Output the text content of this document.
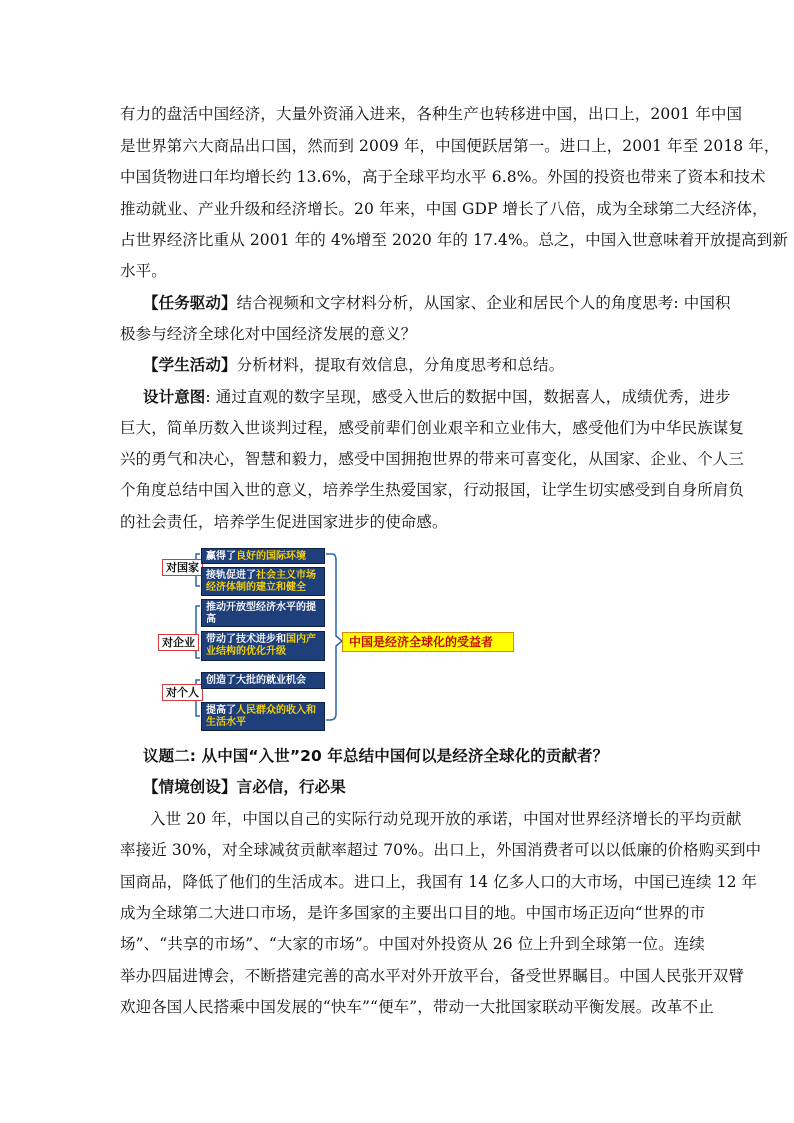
有力的盘活中国经济，大量外资涌入进来，各种生产也转移进中国，出口上，2001 年中国
是世界第六大商品出口国，然而到 2009 年，中国便跃居第一。进口上，2001 年至 2018 年，
中国货物进口年均增长约 13.6%，高于全球平均水平 6.8%。外国的投资也带来了资本和技术
推动就业、产业升级和经济增长。20 年来，中国 GDP 增长了八倍，成为全球第二大经济体，
占世界经济比重从 2001 年的 4%增至 2020 年的 17.4%。总之，中国入世意味着开放提高到新
水平。
【任务驱动】结合视频和文字材料分析，从国家、企业和居民个人的角度思考: 中国积
极参与经济全球化对中国经济发展的意义？
【学生活动】分析材料，提取有效信息，分角度思考和总结。
设计意图: 通过直观的数字呈现，感受入世后的数据中国，数据喜人，成绩优秀，进步
巨大，简单历数入世谈判过程，感受前辈们创业艰辛和立业伟大，感受他们为中华民族谋复
兴的勇气和决心，智慧和毅力，感受中国拥抱世界的带来可喜变化，从国家、企业、个人三
个角度总结中国入世的意义，培养学生热爱国家，行动报国，让学生切实感受到自身所肩负
的社会责任，培养学生促进国家进步的使命感。
对国家
对企业
对个人
赢得了良好的国际环境
接轨促进了社会主义市场经济体制的建立和健全
推动开放型经济水平的提高
带动了技术进步和国内产业结构的优化升级
创造了大批的就业机会
提高了人民群众的收入和生活水平
中国是经济全球化的受益者
议题二: 从中国“入世”20 年总结中国何以是经济全球化的贡献者？
【情境创设】言必信，行必果
入世 20 年，中国以自己的实际行动兑现开放的承诺，中国对世界经济增长的平均贡献
率接近 30%，对全球减贫贡献率超过 70%。出口上，外国消费者可以以低廉的价格购买到中
国商品，降低了他们的生活成本。进口上，我国有 14 亿多人口的大市场，中国已连续 12 年
成为全球第二大进口市场，是许多国家的主要出口目的地。中国市场正迈向“世界的市
场”、“共享的市场”、“大家的市场”。中国对外投资从 26 位上升到全球第一位。连续
举办四届进博会，不断搭建完善的高水平对外开放平台，备受世界瞩目。中国人民张开双臂
欢迎各国人民搭乘中国发展的“快车”“便车”，带动一大批国家联动平衡发展。改革不止
